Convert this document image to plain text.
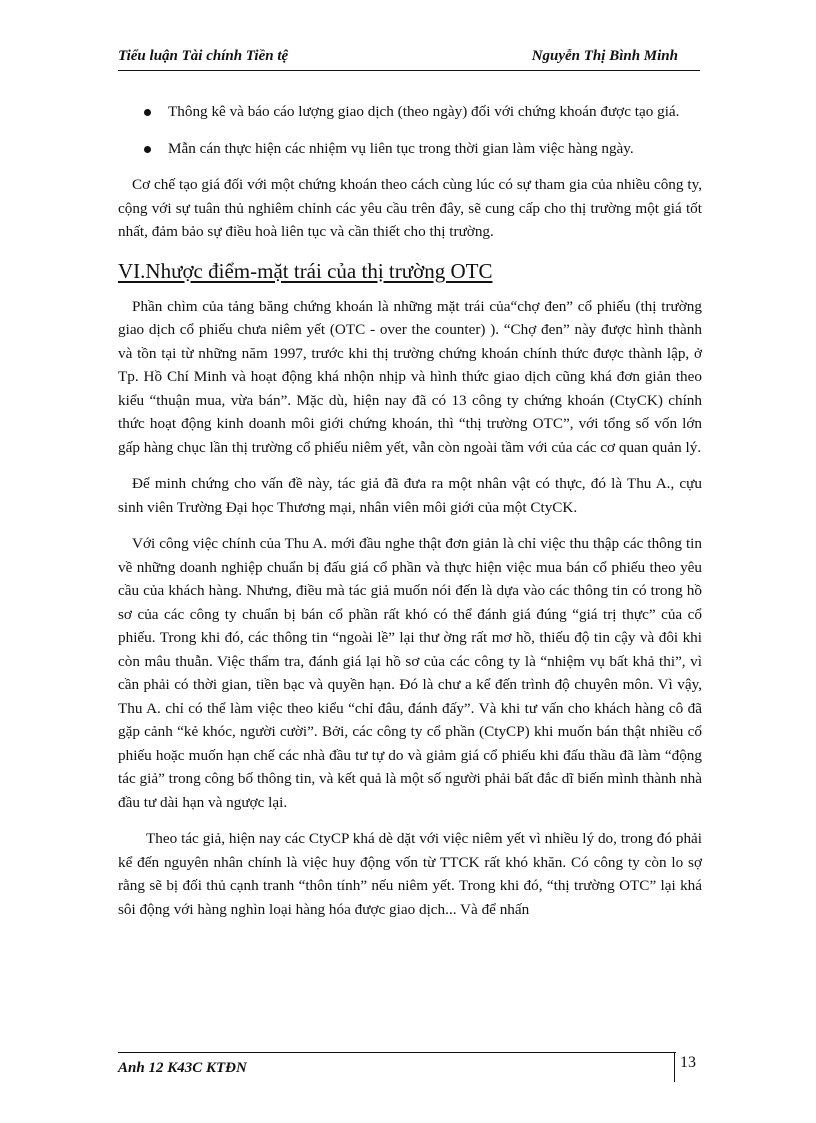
Tiểu luận Tài chính Tiền tệ	Nguyễn Thị Bình Minh
Thông kê và báo cáo lượng giao dịch (theo ngày) đối với chứng khoán được tạo giá.
Mẫn cán thực hiện các nhiệm vụ liên tục trong thời gian làm việc hàng ngày.

Cơ chế tạo giá đối với một chứng khoán theo cách cùng lúc có sự tham gia của nhiều công ty, cộng với sự tuân thủ nghiêm chỉnh các yêu cầu trên đây, sẽ cung cấp cho thị trường một giá tốt nhất, đảm bảo sự điều hoà liên tục và cần thiết cho thị trường.

VI.Nhược điểm-mặt trái của thị trường OTC

Phần chìm của tảng băng chứng khoán là những mặt trái của“chợ đen” cổ phiếu (thị trường giao dịch cổ phiếu chưa niêm yết (OTC - over the counter) ). “Chợ đen” này được hình thành và tồn tại từ những năm 1997, trước khi thị trường chứng khoán chính thức được thành lập, ở Tp. Hồ Chí Minh và hoạt động khá nhộn nhịp và hình thức giao dịch cũng khá đơn giản theo kiểu “thuận mua, vừa bán”. Mặc dù, hiện nay đã có 13 công ty chứng khoán (CtyCK) chính thức hoạt động kinh doanh môi giới chứng khoán, thì “thị trường OTC”, với tổng số vốn lớn gấp hàng chục lần thị trường cổ phiếu niêm yết, vẫn còn ngoài tầm với của các cơ quan quản lý.

Để minh chứng cho vấn đề này, tác giả đã đưa ra một nhân vật có thực, đó là Thu A., cựu sinh viên Trường Đại học Thương mại, nhân viên môi giới của một CtyCK.

Với công việc chính của Thu A. mới đầu nghe thật đơn giản là chỉ việc thu thập các thông tin về những doanh nghiệp chuẩn bị đấu giá cổ phần và thực hiện việc mua bán cổ phiếu theo yêu cầu của khách hàng. Nhưng, điều mà tác giả muốn nói đến là dựa vào các thông tin có trong hồ sơ của các công ty chuẩn bị bán cổ phần rất khó có thể đánh giá đúng “giá trị thực” của cổ phiếu. Trong khi đó, các thông tin “ngoài lề” lại thư ờng rất mơ hồ, thiếu độ tin cậy và đôi khi còn mâu thuẫn. Việc thẩm tra, đánh giá lại hồ sơ của các công ty là “nhiệm vụ bất khả thi”, vì cần phải có thời gian, tiền bạc và quyền hạn. Đó là chư a kể đến trình độ chuyên môn. Vì vậy, Thu A. chỉ có thể làm việc theo kiểu “chỉ đâu, đánh đấy”. Và khi tư vấn cho khách hàng cô đã gặp cảnh “kẻ khóc, người cười”. Bởi, các công ty cổ phần (CtyCP) khi muốn bán thật nhiều cổ phiếu hoặc muốn hạn chế các nhà đầu tư tự do và giảm giá cổ phiếu khi đấu thầu đã làm “động tác giả” trong công bố thông tin, và kết quả là một số người phải bất đắc dĩ biến mình thành nhà đầu tư dài hạn và ngược lại.

Theo tác giả, hiện nay các CtyCP khá dè dặt với việc niêm yết vì nhiều lý do, trong đó phải kể đến nguyên nhân chính là việc huy động vốn từ TTCK rất khó khăn. Có công ty còn lo sợ rằng sẽ bị đối thủ cạnh tranh “thôn tính” nếu niêm yết. Trong khi đó, “thị trường OTC” lại khá sôi động với hàng nghìn loại hàng hóa được giao dịch... Và để nhấn

Anh 12 K43C KTĐN	13
